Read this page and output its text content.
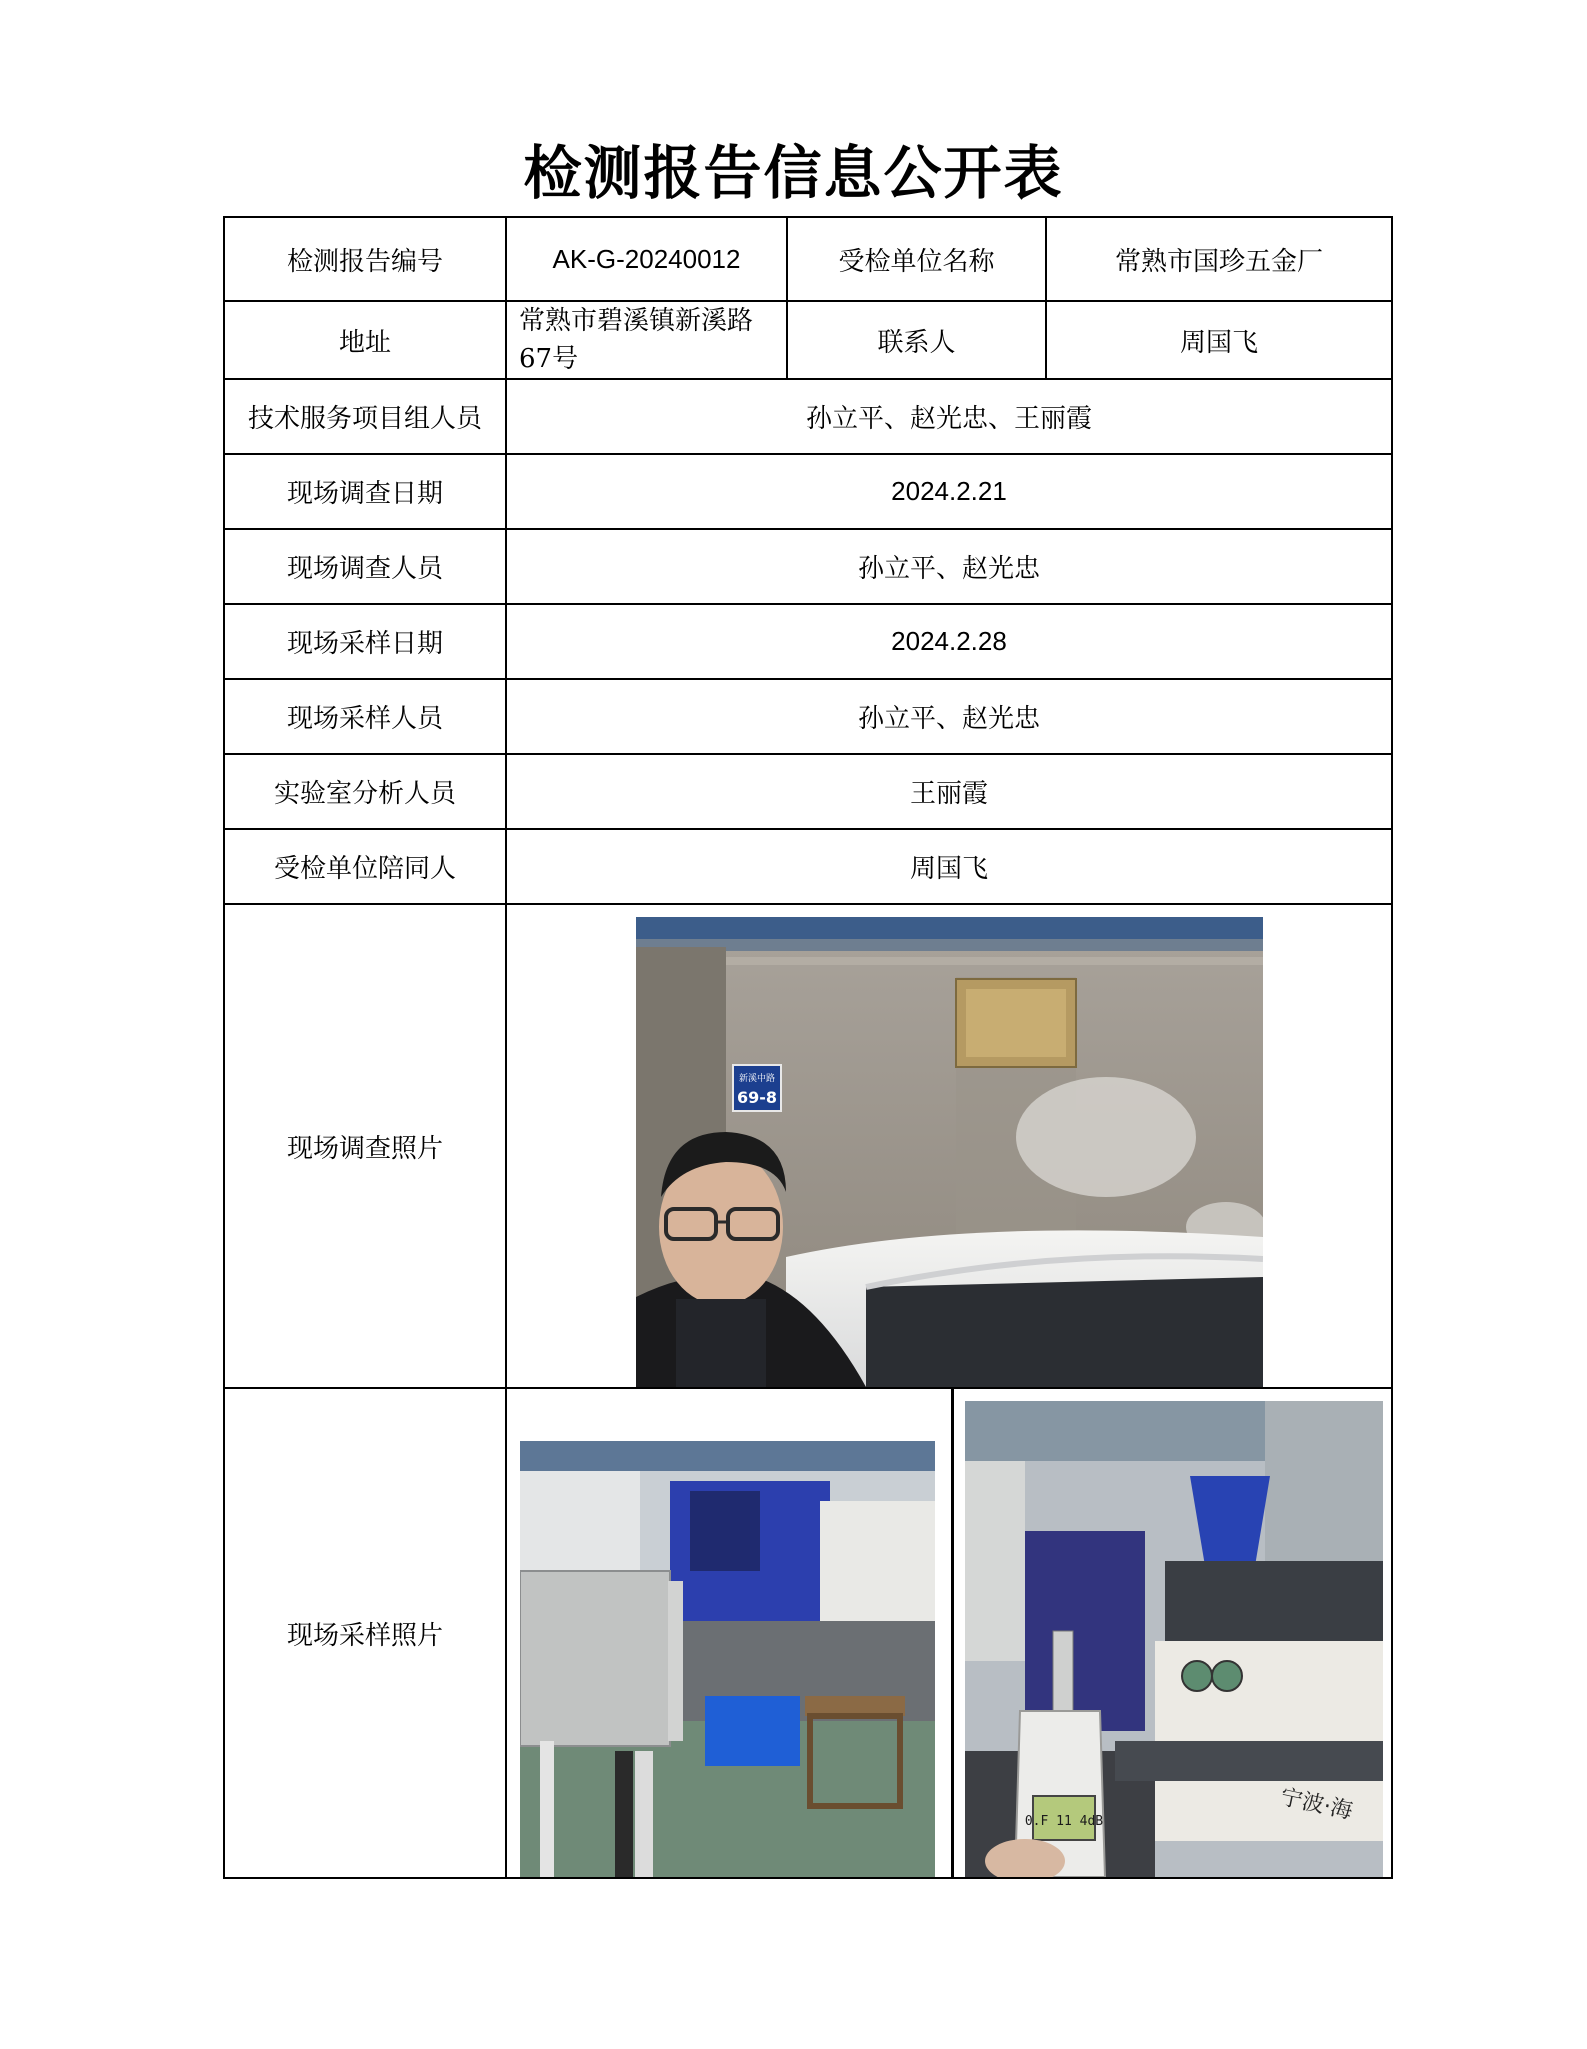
检测报告信息公开表
检测报告编号	AK-G-20240012	受检单位名称	常熟市国珍五金厂
地址	常熟市碧溪镇新溪路67号	联系人	周国飞
技术服务项目组人员	孙立平、赵光忠、王丽霞		
现场调查日期	2024.2.21		
现场调查人员	孙立平、赵光忠		
现场采样日期	2024.2.28		
现场采样人员	孙立平、赵光忠		
实验室分析人员	王丽霞		
受检单位陪同人	周国飞		
现场调查照片	新溪中路
69-8		

现场采样照片	宁波·海
0.F 11 4dB		
